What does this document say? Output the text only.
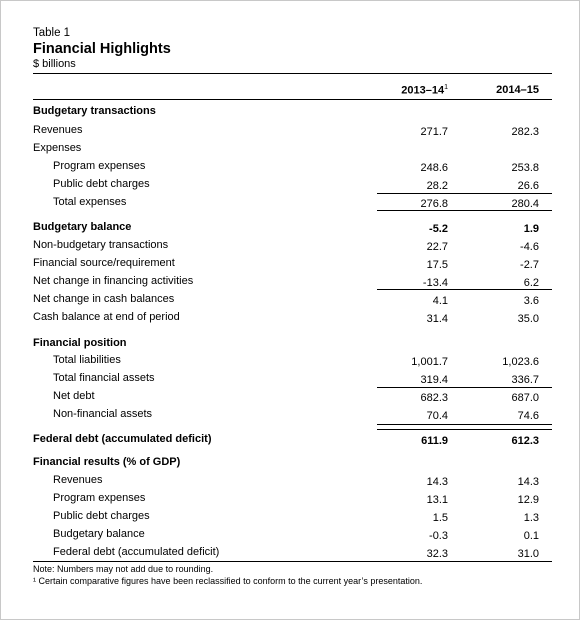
Table 1
Financial Highlights
$ billions
$2013-14^1$	2014–15
Budgetary transactions
Revenues	271.7	282.3
Expenses
Program expenses	248.6	253.8
Public debt charges	28.2	26.6
Total expenses	276.8	280.4
Budgetary balance	-5.2	1.9
Non-budgetary transactions	22.7	-4.6
Financial source/requirement	17.5	-2.7
Net change in financing activities	-13.4	6.2
Net change in cash balances	4.1	3.6
Cash balance at end of period	31.4	35.0
Financial position
Total liabilities	1,001.7	1,023.6
Total financial assets	319.4	336.7
Net debt	682.3	687.0
Non-financial assets	70.4	74.6
Federal debt (accumulated deficit)	611.9	612.3
Financial results (% of GDP)
Revenues	14.3	14.3
Program expenses	13.1	12.9
Public debt charges	1.5	1.3
Budgetary balance	-0.3	0.1
Federal debt (accumulated deficit)	32.3	31.0
Note: Numbers may not add due to rounding.
¹ Certain comparative figures have been reclassified to conform to the current year’s presentation.
